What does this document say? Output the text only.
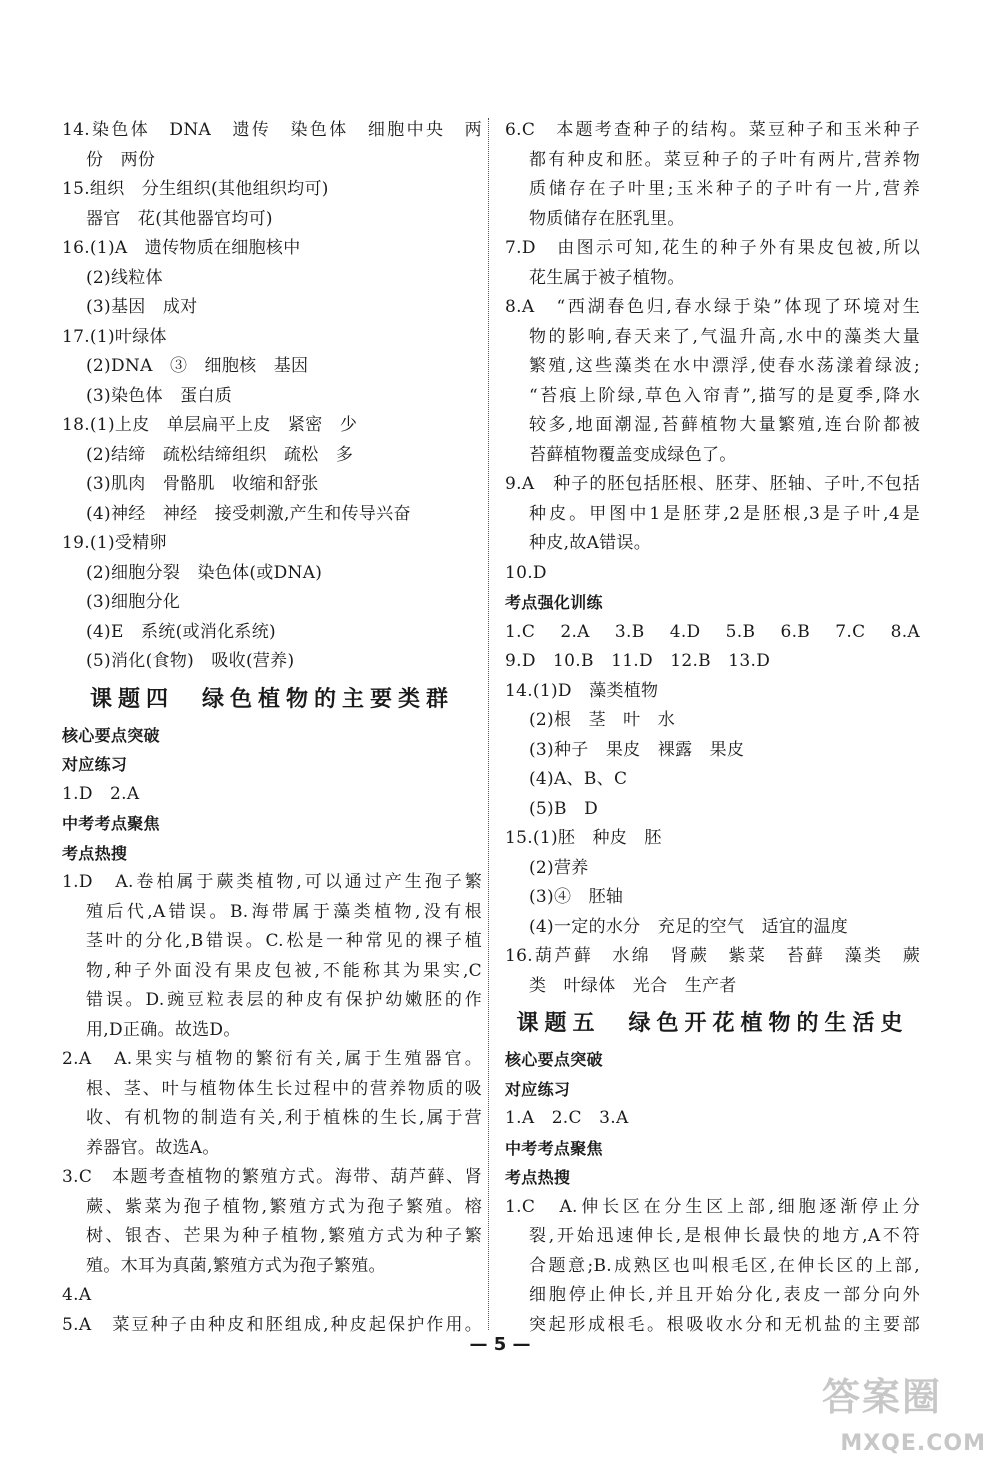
14.染色体　DNA　遗传　染色体　细胞中央　两
份　两份
15.组织　分生组织(其他组织均可)
器官　花(其他器官均可)
16.(1)A　遗传物质在细胞核中
(2)线粒体
(3)基因　成对
17.(1)叶绿体
(2)DNA　③　细胞核　基因
(3)染色体　蛋白质
18.(1)上皮　单层扁平上皮　紧密　少
(2)结缔　疏松结缔组织　疏松　多
(3)肌肉　骨骼肌　收缩和舒张
(4)神经　神经　接受刺激,产生和传导兴奋
19.(1)受精卵
(2)细胞分裂　染色体(或DNA)
(3)细胞分化
(4)E　系统(或消化系统)
(5)消化(食物)　吸收(营养)
课题四　绿色植物的主要类群
核心要点突破
对应练习
1.D　2.A
中考考点聚焦
考点热搜
1.D　A.卷柏属于蕨类植物,可以通过产生孢子繁
殖后代,A错误。B.海带属于藻类植物,没有根
茎叶的分化,B错误。C.松是一种常见的裸子植
物,种子外面没有果皮包被,不能称其为果实,C
错误。D.豌豆粒表层的种皮有保护幼嫩胚的作
用,D正确。故选D。
2.A　A.果实与植物的繁衍有关,属于生殖器官。
根、茎、叶与植物体生长过程中的营养物质的吸
收、有机物的制造有关,利于植株的生长,属于营
养器官。故选A。
3.C　本题考查植物的繁殖方式。海带、葫芦藓、肾
蕨、紫菜为孢子植物,繁殖方式为孢子繁殖。榕
树、银杏、芒果为种子植物,繁殖方式为种子繁
殖。木耳为真菌,繁殖方式为孢子繁殖。
4.A
5.A　菜豆种子由种皮和胚组成,种皮起保护作用。
6.C　本题考查种子的结构。菜豆种子和玉米种子
都有种皮和胚。菜豆种子的子叶有两片,营养物
质储存在子叶里;玉米种子的子叶有一片,营养
物质储存在胚乳里。
7.D　由图示可知,花生的种子外有果皮包被,所以
花生属于被子植物。
8.A　“西湖春色归,春水绿于染”体现了环境对生
物的影响,春天来了,气温升高,水中的藻类大量
繁殖,这些藻类在水中漂浮,使春水荡漾着绿波;
“苔痕上阶绿,草色入帘青”,描写的是夏季,降水
较多,地面潮湿,苔藓植物大量繁殖,连台阶都被
苔藓植物覆盖变成绿色了。
9.A　种子的胚包括胚根、胚芽、胚轴、子叶,不包括
种皮。甲图中1是胚芽,2是胚根,3是子叶,4是
种皮,故A错误。
10.D
考点强化训练
1.C　2.A　3.B　4.D　5.B　6.B　7.C　8.A
9.D　10.B　11.D　12.B　13.D
14.(1)D　藻类植物
(2)根　茎　叶　水
(3)种子　果皮　裸露　果皮
(4)A、B、C
(5)B　D
15.(1)胚　种皮　胚
(2)营养
(3)④　胚轴
(4)一定的水分　充足的空气　适宜的温度
16.葫芦藓　水绵　肾蕨　紫菜　苔藓　藻类　蕨
类　叶绿体　光合　生产者
课题五　绿色开花植物的生活史
核心要点突破
对应练习
1.A　2.C　3.A
中考考点聚焦
考点热搜
1.C　A.伸长区在分生区上部,细胞逐渐停止分
裂,开始迅速伸长,是根伸长最快的地方,A不符
合题意;B.成熟区也叫根毛区,在伸长区的上部,
细胞停止伸长,并且开始分化,表皮一部分向外
突起形成根毛。根吸收水分和无机盐的主要部
— 5 —
答案圈
MXQE.COM
